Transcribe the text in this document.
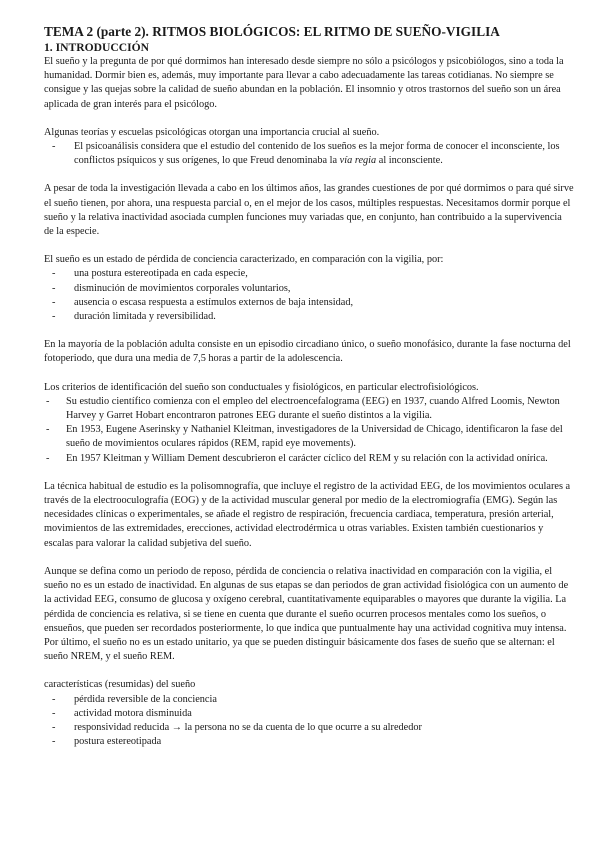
TEMA 2 (parte 2). RITMOS BIOLÓGICOS: EL RITMO DE SUEÑO-VIGILIA
1. INTRODUCCIÓN

El sueño y la pregunta de por qué dormimos han interesado desde siempre no sólo a psicólogos y psicobiólogos, sino a toda la humanidad. Dormir bien es, además, muy importante para llevar a cabo adecuadamente las tareas cotidianas. No siempre se consigue y las quejas sobre la calidad de sueño abundan en la población. El insomnio y otros trastornos del sueño son un área aplicada de gran interés para el psicólogo.

Algunas teorías y escuelas psicológicas otorgan una importancia crucial al sueño.

- El psicoanálisis considera que el estudio del contenido de los sueños es la mejor forma de conocer el inconsciente, los conflictos psíquicos y sus orígenes, lo que Freud denominaba la vía regia al inconsciente.

A pesar de toda la investigación llevada a cabo en los últimos años, las grandes cuestiones de por qué dormimos o para qué sirve el sueño tienen, por ahora, una respuesta parcial o, en el mejor de los casos, múltiples respuestas. Necesitamos dormir porque el sueño y la relativa inactividad asociada cumplen funciones muy variadas que, en conjunto, han contribuido a la supervivencia de la especie.

El sueño es un estado de pérdida de conciencia caracterizado, en comparación con la vigilia, por:

- una postura estereotipada en cada especie,
- disminución de movimientos corporales voluntarios,
- ausencia o escasa respuesta a estímulos externos de baja intensidad,
- duración limitada y reversibilidad.

En la mayoría de la población adulta consiste en un episodio circadiano único, o sueño monofásico, durante la fase nocturna del fotoperiodo, que dura una media de 7,5 horas a partir de la adolescencia.

Los criterios de identificación del sueño son conductuales y fisiológicos, en particular electrofisiológicos.

- Su estudio científico comienza con el empleo del electroencefalograma (EEG) en 1937, cuando Alfred Loomis, Newton Harvey y Garret Hobart encontraron patrones EEG durante el sueño distintos a la vigilia.
- En 1953, Eugene Aserinsky y Nathaniel Kleitman, investigadores de la Universidad de Chicago, identificaron la fase del sueño de movimientos oculares rápidos (REM, rapid eye movements).
- En 1957 Kleitman y William Dement descubrieron el carácter cíclico del REM y su relación con la actividad onírica.

La técnica habitual de estudio es la polisomnografía, que incluye el registro de la actividad EEG, de los movimientos oculares a través de la electrooculografía (EOG) y de la actividad muscular general por medio de la electromiografía (EMG). Según las necesidades clínicas o experimentales, se añade el registro de respiración, frecuencia cardiaca, temperatura, presión arterial, movimientos de las extremidades, erecciones, actividad electrodérmica u otras variables. Existen también cuestionarios y escalas para valorar la calidad subjetiva del sueño.

Aunque se defina como un periodo de reposo, pérdida de conciencia o relativa inactividad en comparación con la vigilia, el sueño no es un estado de inactividad. En algunas de sus etapas se dan periodos de gran actividad fisiológica con un aumento de la actividad EEG, consumo de glucosa y oxígeno cerebral, cuantitativamente equiparables o mayores que durante la vigilia. La pérdida de conciencia es relativa, si se tiene en cuenta que durante el sueño ocurren procesos mentales como los sueños, o ensueños, que pueden ser recordados posteriormente, lo que indica que puntualmente hay una actividad cognitiva muy intensa.

Por último, el sueño no es un estado unitario, ya que se pueden distinguir básicamente dos fases de sueño que se alternan: el sueño NREM, y el sueño REM.

características (resumidas) del sueño

- pérdida reversible de la conciencia
- actividad motora disminuida
- responsividad reducida → la persona no se da cuenta de lo que ocurre a su alrededor
- postura estereotipada
